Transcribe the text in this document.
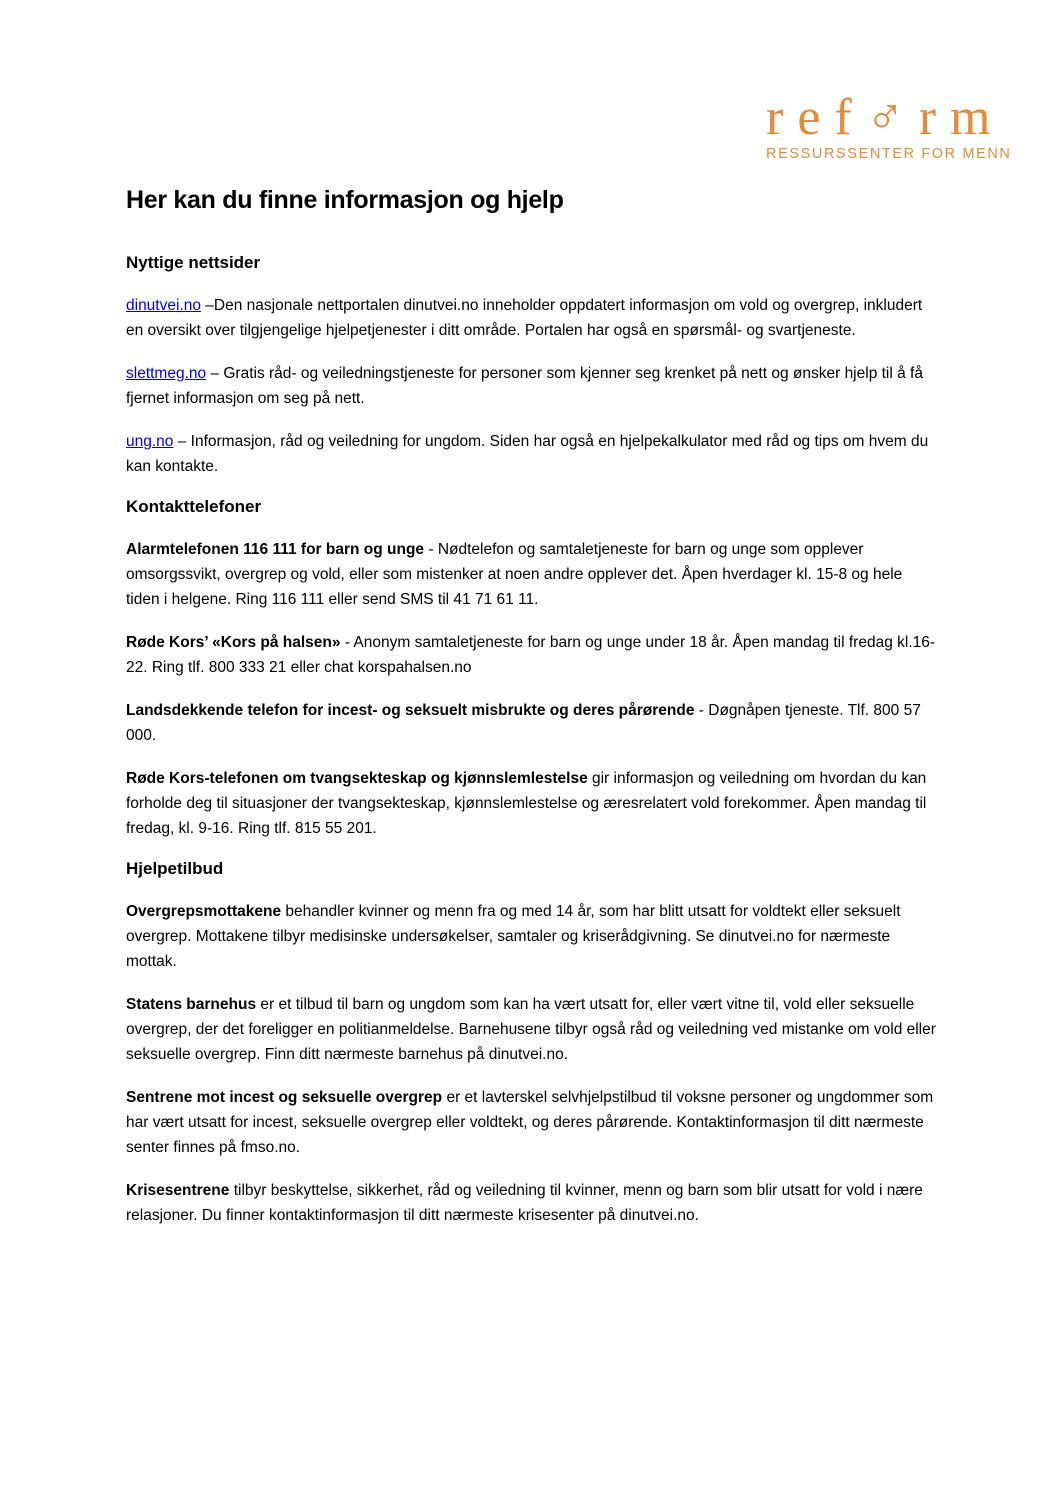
ref♂rm
RESSURSSENTER FOR MENN
Her kan du finne informasjon og hjelp
Nyttige nettsider

dinutvei.no –Den nasjonale nettportalen dinutvei.no inneholder oppdatert informasjon om vold og overgrep, inkludert en oversikt over tilgjengelige hjelpetjenester i ditt område. Portalen har også en spørsmål- og svartjeneste.

slettmeg.no – Gratis råd- og veiledningstjeneste for personer som kjenner seg krenket på nett og ønsker hjelp til å få fjernet informasjon om seg på nett.

ung.no – Informasjon, råd og veiledning for ungdom. Siden har også en hjelpekalkulator med råd og tips om hvem du kan kontakte.

Kontakttelefoner

Alarmtelefonen 116 111 for barn og unge - Nødtelefon og samtaletjeneste for barn og unge som opplever omsorgssvikt, overgrep og vold, eller som mistenker at noen andre opplever det. Åpen hverdager kl. 15-8 og hele tiden i helgene. Ring 116 111 eller send SMS til 41 71 61 11.

Røde Kors’ «Kors på halsen» - Anonym samtaletjeneste for barn og unge under 18 år. Åpen mandag til fredag kl.16-22. Ring tlf. 800 333 21 eller chat korspahalsen.no

Landsdekkende telefon for incest- og seksuelt misbrukte og deres pårørende - Døgnåpen tjeneste. Tlf. 800 57 000.

Røde Kors-telefonen om tvangsekteskap og kjønnslemlestelse gir informasjon og veiledning om hvordan du kan forholde deg til situasjoner der tvangsekteskap, kjønnslemlestelse og æresrelatert vold forekommer. Åpen mandag til fredag, kl. 9-16. Ring tlf. 815 55 201.

Hjelpetilbud

Overgrepsmottakene behandler kvinner og menn fra og med 14 år, som har blitt utsatt for voldtekt eller seksuelt overgrep. Mottakene tilbyr medisinske undersøkelser, samtaler og kriserådgivning. Se dinutvei.no for nærmeste mottak.

Statens barnehus er et tilbud til barn og ungdom som kan ha vært utsatt for, eller vært vitne til, vold eller seksuelle overgrep, der det foreligger en politianmeldelse. Barnehusene tilbyr også råd og veiledning ved mistanke om vold eller seksuelle overgrep. Finn ditt nærmeste barnehus på dinutvei.no.

Sentrene mot incest og seksuelle overgrep er et lavterskel selvhjelpstilbud til voksne personer og ungdommer som har vært utsatt for incest, seksuelle overgrep eller voldtekt, og deres pårørende. Kontaktinformasjon til ditt nærmeste senter finnes på fmso.no.

Krisesentrene tilbyr beskyttelse, sikkerhet, råd og veiledning til kvinner, menn og barn som blir utsatt for vold i nære relasjoner. Du finner kontaktinformasjon til ditt nærmeste krisesenter på dinutvei.no.
